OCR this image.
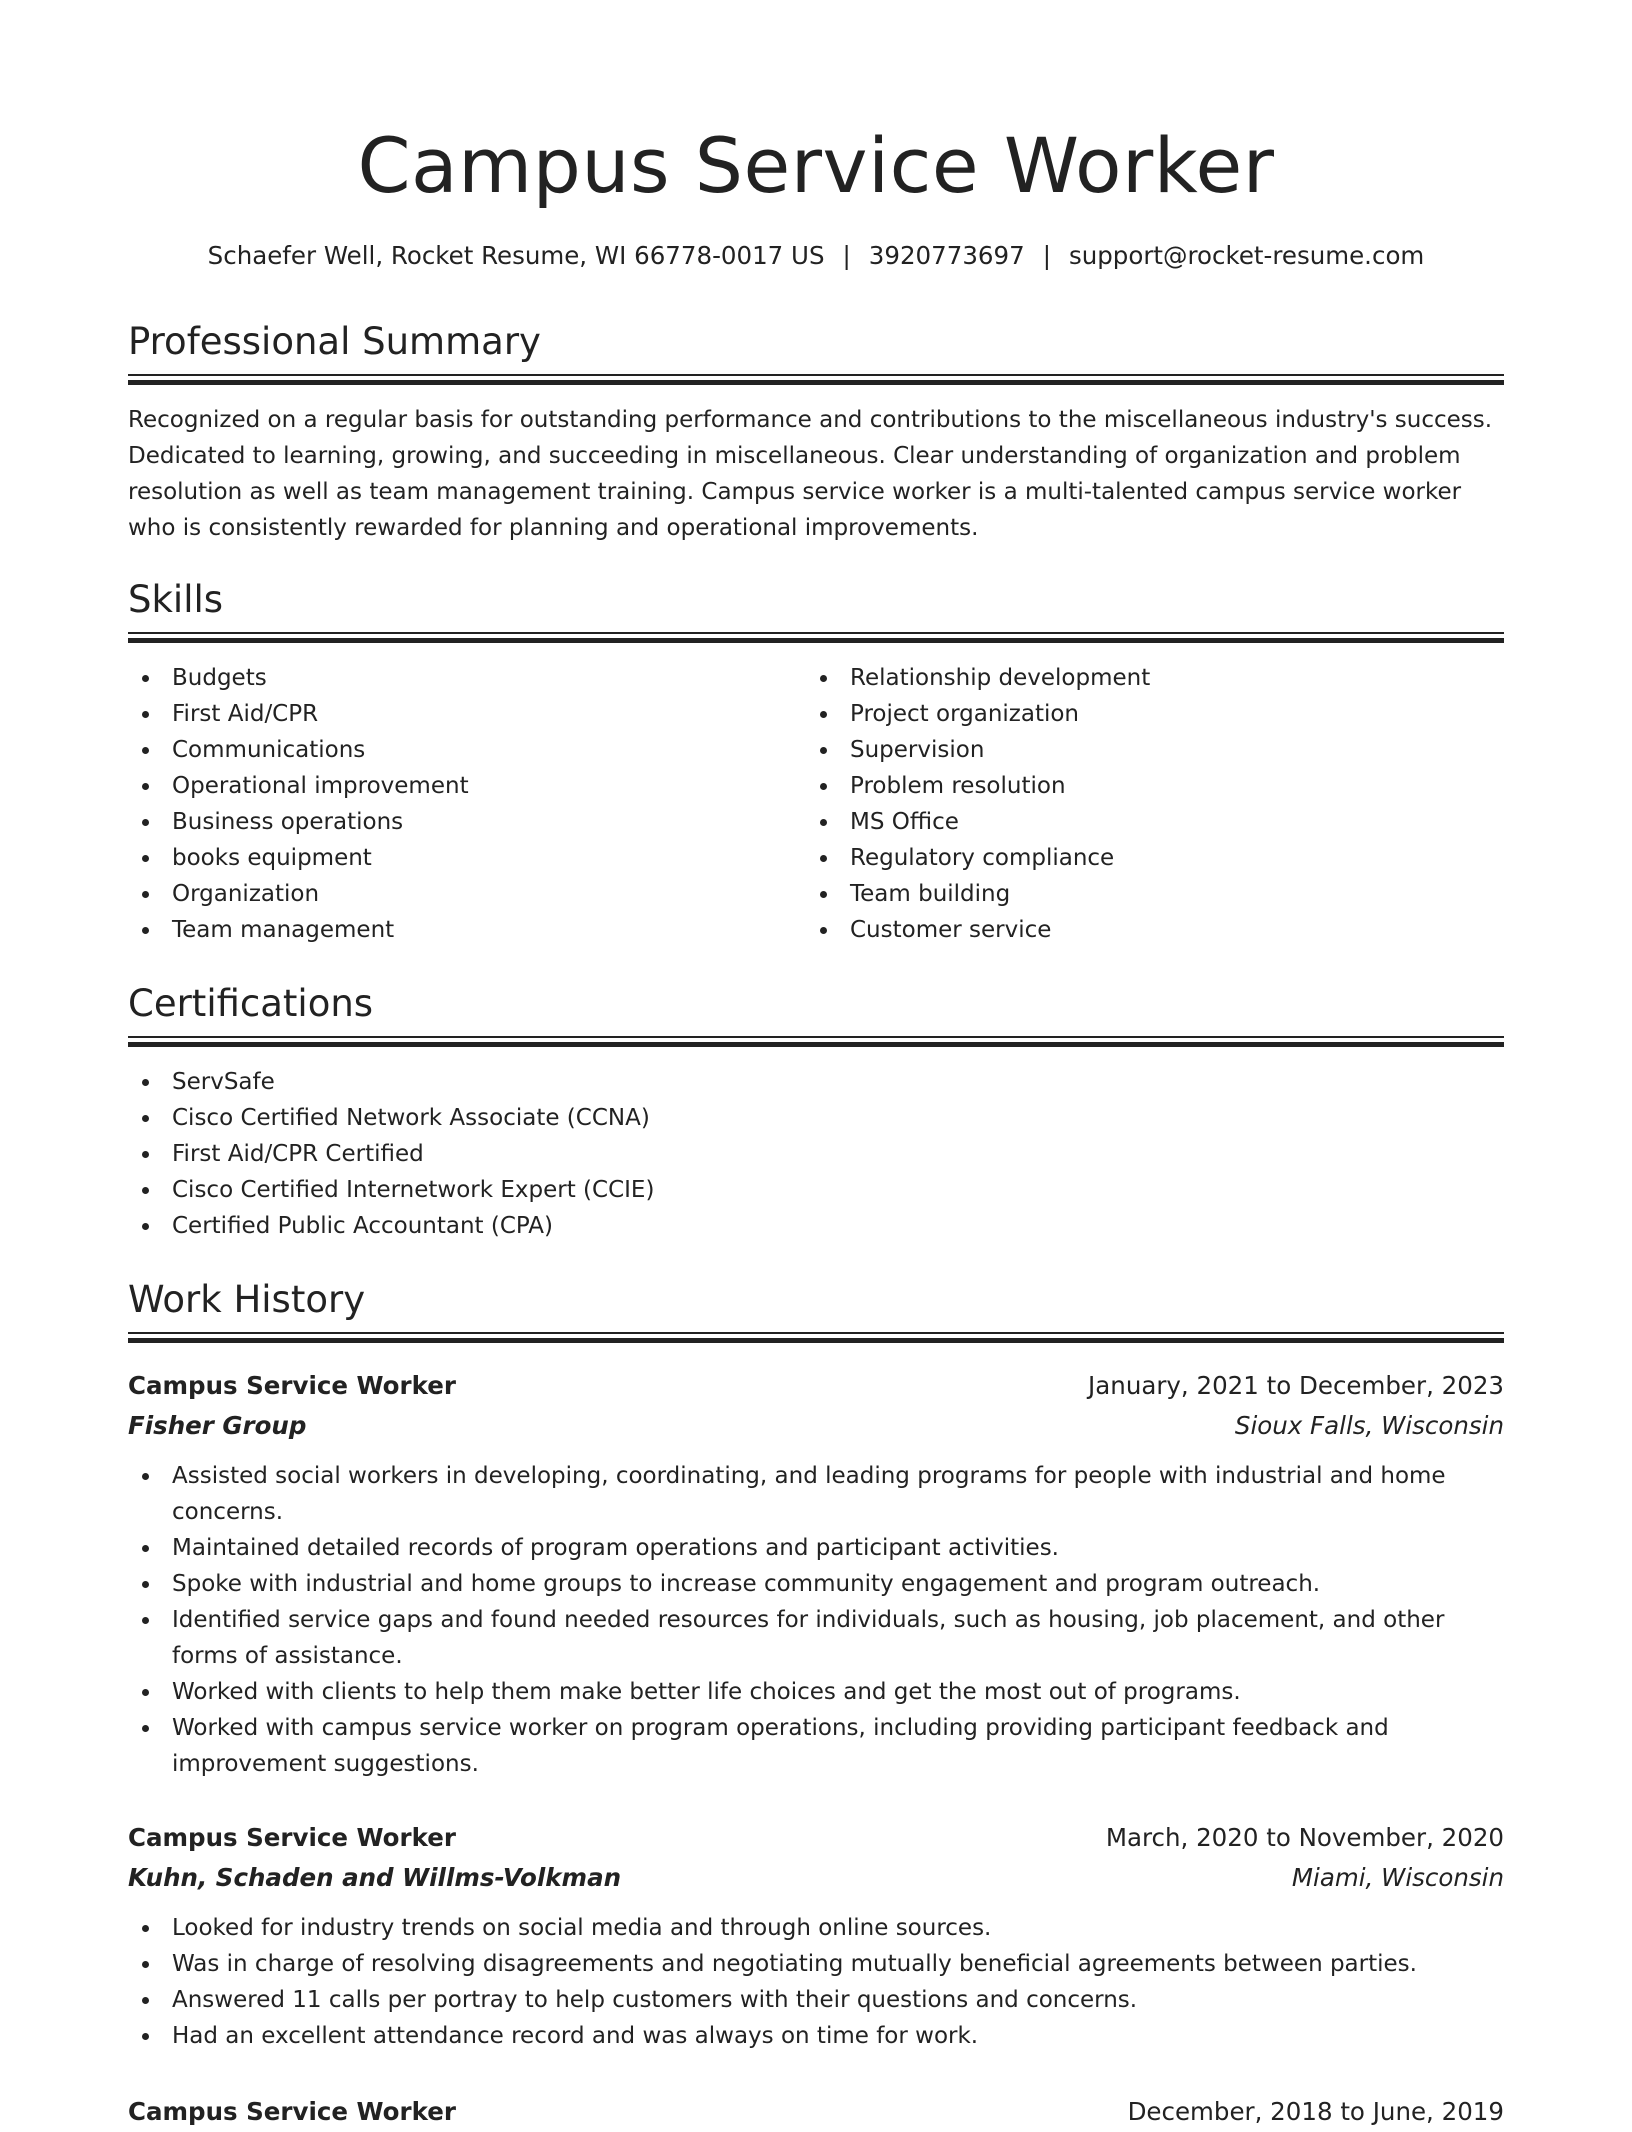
Campus Service Worker
Schaefer Well, Rocket Resume, WI 66778-0017 US | 3920773697 | support@rocket-resume.com
Professional Summary

Recognized on a regular basis for outstanding performance and contributions to the miscellaneous industry's success. Dedicated to learning, growing, and succeeding in miscellaneous. Clear understanding of organization and problem resolution as well as team management training. Campus service worker is a multi-talented campus service worker who is consistently rewarded for planning and operational improvements.

Skills
Budgets
First Aid/CPR
Communications
Operational improvement
Business operations
books equipment
Organization
Team management
Relationship development
Project organization
Supervision
Problem resolution
MS Office
Regulatory compliance
Team building
Customer service
Certifications
ServSafe
Cisco Certified Network Associate (CCNA)
First Aid/CPR Certified
Cisco Certified Internetwork Expert (CCIE)
Certified Public Accountant (CPA)
Work History
Campus Service Worker	January, 2021 to December, 2023
Fisher Group	Sioux Falls, Wisconsin
Assisted social workers in developing, coordinating, and leading programs for people with industrial and home concerns.
Maintained detailed records of program operations and participant activities.
Spoke with industrial and home groups to increase community engagement and program outreach.
Identified service gaps and found needed resources for individuals, such as housing, job placement, and other forms of assistance.
Worked with clients to help them make better life choices and get the most out of programs.
Worked with campus service worker on program operations, including providing participant feedback and improvement suggestions.
Campus Service Worker	March, 2020 to November, 2020
Kuhn, Schaden and Willms-Volkman	Miami, Wisconsin
Looked for industry trends on social media and through online sources.
Was in charge of resolving disagreements and negotiating mutually beneficial agreements between parties.
Answered 11 calls per portray to help customers with their questions and concerns.
Had an excellent attendance record and was always on time for work.
Campus Service Worker	December, 2018 to June, 2019
